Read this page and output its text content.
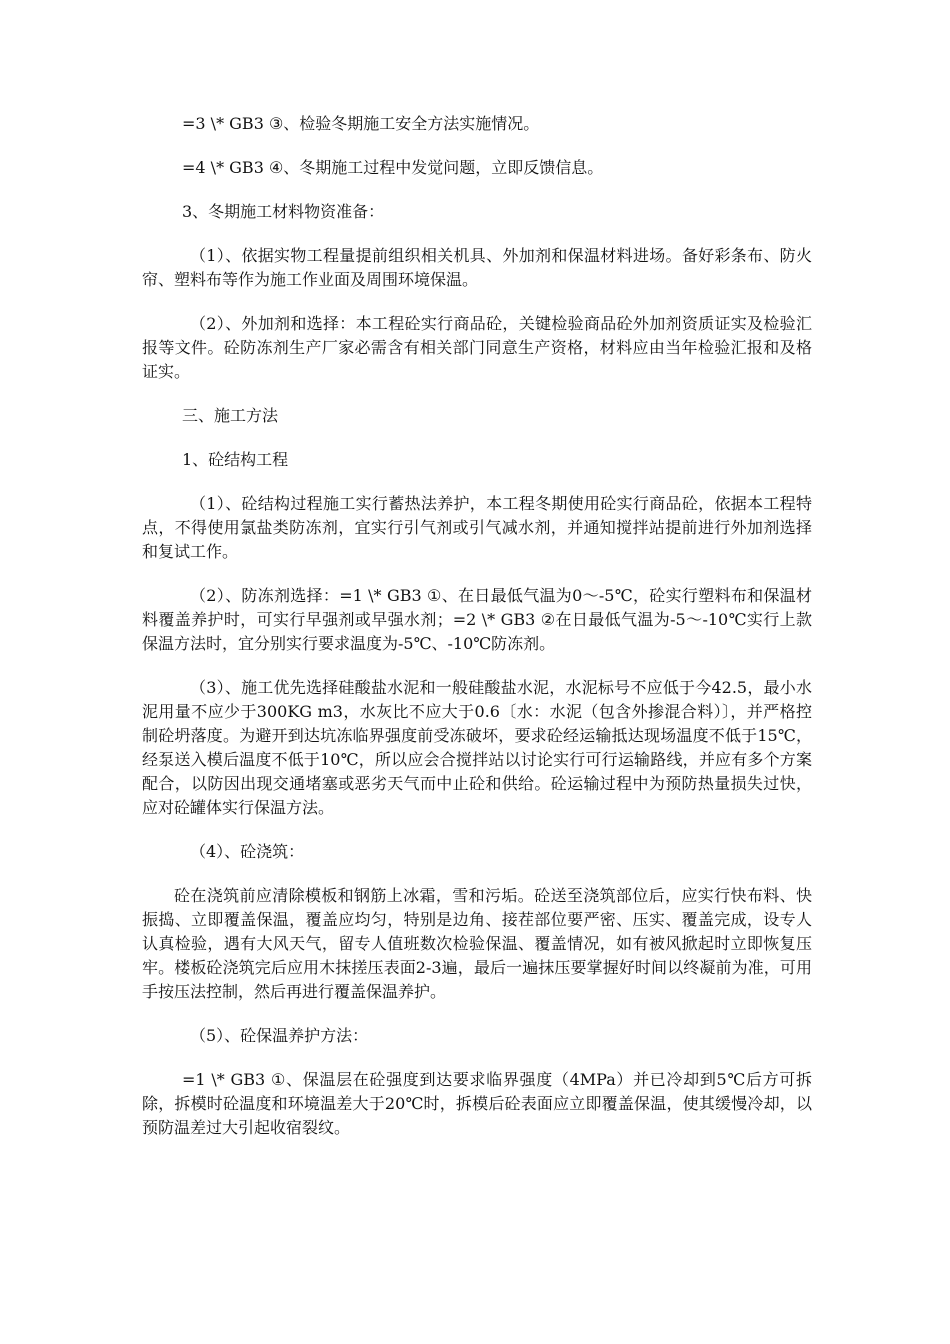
=3 \* GB3 ③、检验冬期施工安全方法实施情况。

=4 \* GB3 ④、冬期施工过程中发觉问题，立即反馈信息。

3、冬期施工材料物资准备：

（1）、依据实物工程量提前组织相关机具、外加剂和保温材料进场。备好彩条布、防火帘、塑料布等作为施工作业面及周围环境保温。

（2）、外加剂和选择：本工程砼实行商品砼，关键检验商品砼外加剂资质证实及检验汇报等文件。砼防冻剂生产厂家必需含有相关部门同意生产资格，材料应由当年检验汇报和及格证实。

三、施工方法

1、砼结构工程

（1）、砼结构过程施工实行蓄热法养护，本工程冬期使用砼实行商品砼，依据本工程特点，不得使用氯盐类防冻剂，宜实行引气剂或引气减水剂，并通知搅拌站提前进行外加剂选择和复试工作。

（2）、防冻剂选择：=1 \* GB3 ①、在日最低气温为0～-5℃，砼实行塑料布和保温材料覆盖养护时，可实行早强剂或早强水剂；=2 \* GB3 ②在日最低气温为-5～-10℃实行上款保温方法时，宜分别实行要求温度为-5℃、-10℃防冻剂。

（3）、施工优先选择硅酸盐水泥和一般硅酸盐水泥，水泥标号不应低于今42.5，最小水泥用量不应少于300KG m3，水灰比不应大于0.6〔水：水泥（包含外掺混合料）〕，并严格控制砼坍落度。为避开到达坑冻临界强度前受冻破坏，要求砼经运输抵达现场温度不低于15℃，经泵送入模后温度不低于10℃，所以应会合搅拌站以讨论实行可行运输路线，并应有多个方案配合，以防因出现交通堵塞或恶劣天气而中止砼和供给。砼运输过程中为预防热量损失过快，应对砼罐体实行保温方法。

（4）、砼浇筑：

砼在浇筑前应清除模板和钢筋上冰霜，雪和污垢。砼送至浇筑部位后，应实行快布料、快振捣、立即覆盖保温，覆盖应均匀，特别是边角、接茬部位要严密、压实、覆盖完成，设专人认真检验，遇有大风天气，留专人值班数次检验保温、覆盖情况，如有被风掀起时立即恢复压牢。楼板砼浇筑完后应用木抹搓压表面2-3遍，最后一遍抹压要掌握好时间以终凝前为准，可用手按压法控制，然后再进行覆盖保温养护。

（5）、砼保温养护方法：

=1 \* GB3 ①、保温层在砼强度到达要求临界强度（4MPa）并已冷却到5℃后方可拆除，拆模时砼温度和环境温差大于20℃时，拆模后砼表面应立即覆盖保温，使其缓慢冷却，以预防温差过大引起收宿裂纹。
